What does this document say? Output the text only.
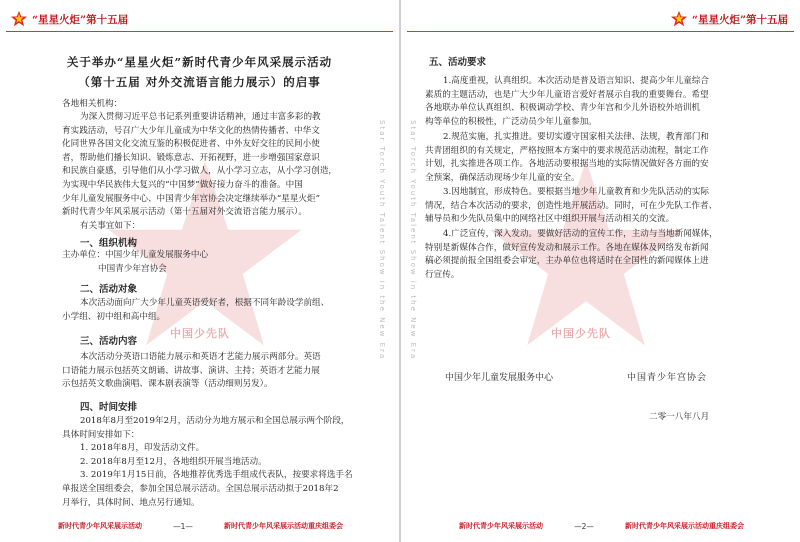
“星星火炬”第十五届
中国少先队	Star Torch Youth Talent Show in the New Era
关于举办“星星火炬”新时代青少年风采展示活动
（第十五届 对外交流语言能力展示）的启事
各地相关机构：
为深入贯彻习近平总书记系列重要讲话精神，通过丰富多彩的教
育实践活动，号召广大少年儿童成为中华文化的热情传播者、中华文
化同世界各国文化交流互鉴的积极促进者、中外友好交往的民间小使
者，帮助他们播长知识、锻炼意志、开拓视野，进一步增强国家意识
和民族自豪感，引导他们从小学习做人，从小学习立志，从小学习创造，
为实现中华民族伟大复兴的“中国梦”做好接力奋斗的准备。中国
少年儿童发展服务中心、中国青少年宫协会决定继续举办“星星火炬”
新时代青少年风采展示活动（第十五届对外交流语言能力展示）。
有关事宜如下：
一、组织机构
主办单位：中国少年儿童发展服务中心
中国青少年宫协会
二、活动对象
本次活动面向广大少年儿童英语爱好者，根据不同年龄设学前组、
小学组、初中组和高中组。
三、活动内容
本次活动分英语口语能力展示和英语才艺能力展示两部分。英语
口语能力展示包括英文朗诵、讲故事、演讲、主持；英语才艺能力展
示包括英文歌曲演唱、课本剧表演等（活动细则另发）。
四、时间安排
2018年8月至2019年2月，活动分为地方展示和全国总展示两个阶段，
具体时间安排如下：
1. 2018年8月，印发活动文件。
2. 2018年8月至12月，各地组织开展当地活动。
3. 2019年1月15日前，各地推荐优秀选手组成代表队，按要求将选手名
单报送全国组委会，参加全国总展示活动。全国总展示活动拟于2018年2
月举行，具体时间、地点另行通知。
新时代青少年风采展示活动	—1—	新时代青少年风采展示活动重庆组委会
“星星火炬”第十五届
中国少先队
Star Torch Youth Talent Show in the New Era
五、活动要求
1.高度重视，认真组织。本次活动是普及语言知识、提高少年儿童综合
素质的主题活动，也是广大少年儿童语言爱好者展示自我的重要舞台。希望
各地联办单位认真组织、积极调动学校、青少年宫和少儿外语校外培训机
构等单位的积极性，广泛动员少年儿童参加。
2.规范实施，扎实推进。要切实遵守国家相关法律、法规，教育部门和
共青团组织的有关规定，严格按照本方案中的要求规范活动流程，制定工作
计划，扎实推进各项工作。各地活动要根据当地的实际情况做好各方面的安
全预案，确保活动现场少年儿童的安全。
3.因地制宜，形成特色。要根据当地少年儿童教育和少先队活动的实际
情况，结合本次活动的要求，创造性地开展活动。同时，可在少先队工作者、
辅导员和少先队员集中的网络社区中组织开展与活动相关的交流。
4.广泛宣传，深入发动。要做好活动的宣传工作，主动与当地新闻媒体，
特别是新媒体合作，做好宣传发动和展示工作。各地在媒体及网络发布新闻
稿必须提前报全国组委会审定，主办单位也将适时在全国性的新闻媒体上进
行宣传。
中国少年儿童发展服务中心	中国青少年宫协会
二零一八年八月
新时代青少年风采展示活动	—2—	新时代青少年风采展示活动重庆组委会
